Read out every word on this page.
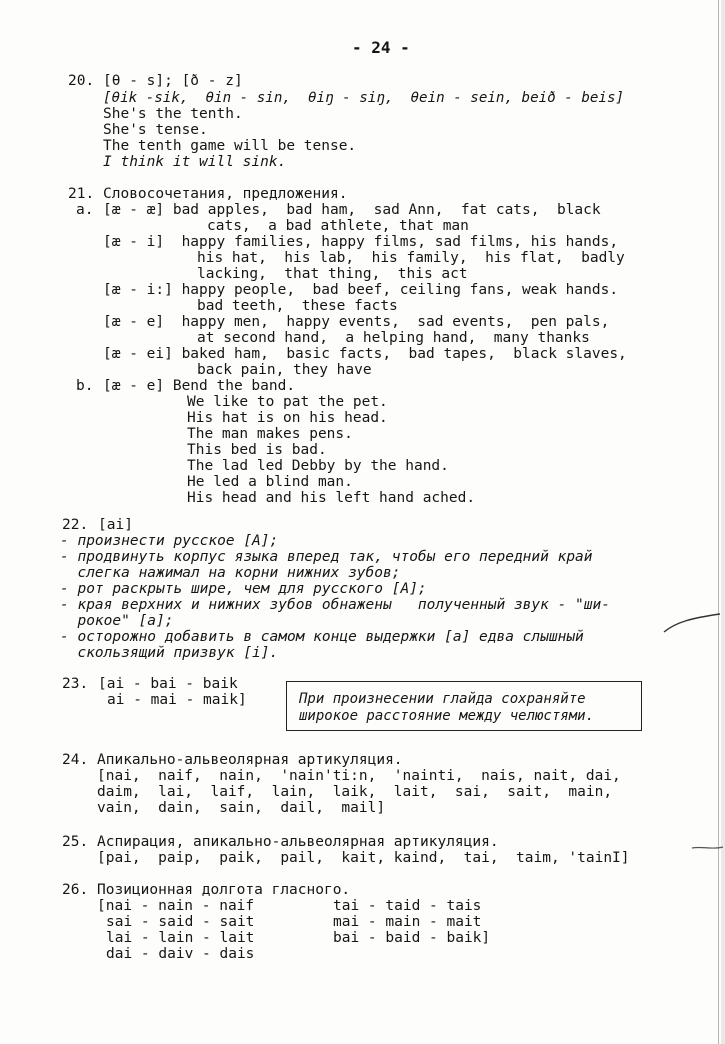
- 24 -
20. [θ - s]; [ð - z]
[θik -sik,  θin - sin,  θiŋ - siŋ,  θein - sein, beið - beis]
She's the tenth.
She's tense.
The tenth game will be tense.
I think it will sink.
21. Словосочетания, предложения.
a. [æ - æ] bad apples,  bad ham,  sad Ann,  fat cats,  black
cats,  a bad athlete, that man
[æ - i]  happy families, happy films, sad films, his hands,
his hat,  his lab,  his family,  his flat,  badly
lacking,  that thing,  this act
[æ - i:] happy people,  bad beef, ceiling fans, weak hands.
bad teeth,  these facts
[æ - e]  happy men,  happy events,  sad events,  pen pals,
at second hand,  a helping hand,  many thanks
[æ - ei] baked ham,  basic facts,  bad tapes,  black slaves,
back pain, they have
b. [æ - e] Bend the band.
We like to pat the pet.
His hat is on his head.
The man makes pens.
This bed is bad.
The lad led Debby by the hand.
He led a blind man.
His head and his left hand ached.
22. [ai]
- произнести русское [А];
- продвинуть корпус языка вперед так, чтобы его передний край
слегка нажимал на корни нижних зубов;
- рот раскрыть шире, чем для русского [А];
- края верхних и нижних зубов обнажены   полученный звук - "ши-
рокое" [а];
- осторожно добавить в самом конце выдержки [а] едва слышный
скользящий призвук [i].
23. [ai - bai - baik
ai - mai - maik]	При произнесении глайда сохраняйте
широкое расстояние между челюстями.
24. Апикально-альвеолярная артикуляция.
[nai,  naif,  nain,  'nain'ti:n,  'nainti,  nais, nait, dai,
daim,  lai,  laif,  lain,  laik,  lait,  sai,  sait,  main,
vain,  dain,  sain,  dail,  mail]
25. Аспирация, апикально-альвеолярная артикуляция.
[pai,  paip,  paik,  pail,  kait, kaind,  tai,  taim, 'tainI]
26. Позиционная долгота гласного.
[nai - nain - naif
sai - said - sait
lai - lain - lait
dai - daiv - dais
tai - taid - tais
mai - main - mait
bai - baid - baik]
